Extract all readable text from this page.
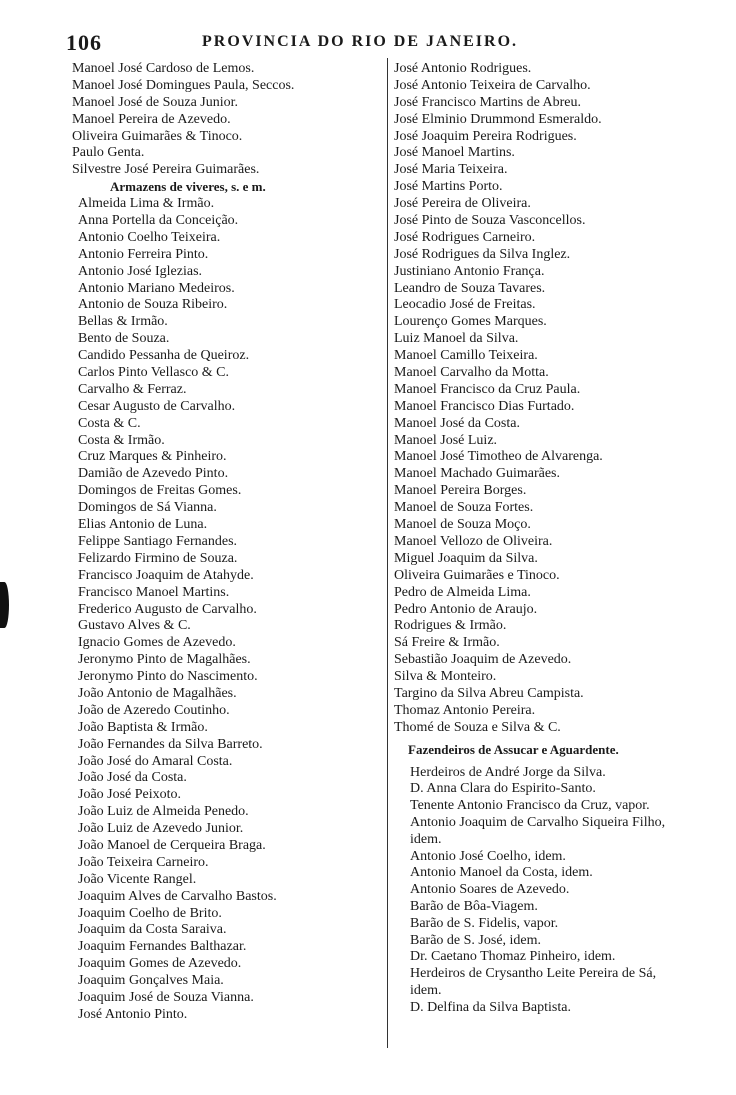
106	PROVINCIA DO RIO DE JANEIRO.
Manoel José Cardoso de Lemos.
Manoel José Domingues Paula, Seccos.
Manoel José de Souza Junior.
Manoel Pereira de Azevedo.
Oliveira Guimarães & Tinoco.
Paulo Genta.
Silvestre José Pereira Guimarães.
Armazens de viveres, s. e m.
Almeida Lima & Irmão.
Anna Portella da Conceição.
Antonio Coelho Teixeira.
Antonio Ferreira Pinto.
Antonio José Iglezias.
Antonio Mariano Medeiros.
Antonio de Souza Ribeiro.
Bellas & Irmão.
Bento de Souza.
Candido Pessanha de Queiroz.
Carlos Pinto Vellasco & C.
Carvalho & Ferraz.
Cesar Augusto de Carvalho.
Costa & C.
Costa & Irmão.
Cruz Marques & Pinheiro.
Damião de Azevedo Pinto.
Domingos de Freitas Gomes.
Domingos de Sá Vianna.
Elias Antonio de Luna.
Felippe Santiago Fernandes.
Felizardo Firmino de Souza.
Francisco Joaquim de Atahyde.
Francisco Manoel Martins.
Frederico Augusto de Carvalho.
Gustavo Alves & C.
Ignacio Gomes de Azevedo.
Jeronymo Pinto de Magalhães.
Jeronymo Pinto do Nascimento.
João Antonio de Magalhães.
João de Azeredo Coutinho.
João Baptista & Irmão.
João Fernandes da Silva Barreto.
João José do Amaral Costa.
João José da Costa.
João José Peixoto.
João Luiz de Almeida Penedo.
João Luiz de Azevedo Junior.
João Manoel de Cerqueira Braga.
João Teixeira Carneiro.
João Vicente Rangel.
Joaquim Alves de Carvalho Bastos.
Joaquim Coelho de Brito.
Joaquim da Costa Saraiva.
Joaquim Fernandes Balthazar.
Joaquim Gomes de Azevedo.
Joaquim Gonçalves Maia.
Joaquim José de Souza Vianna.
José Antonio Pinto.
José Antonio Rodrigues.
José Antonio Teixeira de Carvalho.
José Francisco Martins de Abreu.
José Elminio Drummond Esmeraldo.
José Joaquim Pereira Rodrigues.
José Manoel Martins.
José Maria Teixeira.
José Martins Porto.
José Pereira de Oliveira.
José Pinto de Souza Vasconcellos.
José Rodrigues Carneiro.
José Rodrigues da Silva Inglez.
Justiniano Antonio França.
Leandro de Souza Tavares.
Leocadio José de Freitas.
Lourenço Gomes Marques.
Luiz Manoel da Silva.
Manoel Camillo Teixeira.
Manoel Carvalho da Motta.
Manoel Francisco da Cruz Paula.
Manoel Francisco Dias Furtado.
Manoel José da Costa.
Manoel José Luiz.
Manoel José Timotheo de Alvarenga.
Manoel Machado Guimarães.
Manoel Pereira Borges.
Manoel de Souza Fortes.
Manoel de Souza Moço.
Manoel Vellozo de Oliveira.
Miguel Joaquim da Silva.
Oliveira Guimarães e Tinoco.
Pedro de Almeida Lima.
Pedro Antonio de Araujo.
Rodrigues & Irmão.
Sá Freire & Irmão.
Sebastião Joaquim de Azevedo.
Silva & Monteiro.
Targino da Silva Abreu Campista.
Thomaz Antonio Pereira.
Thomé de Souza e Silva & C.
Fazendeiros de Assucar e Aguardente.
Herdeiros de André Jorge da Silva.
D. Anna Clara do Espirito-Santo.
Tenente Antonio Francisco da Cruz, vapor.
Antonio Joaquim de Carvalho Siqueira Filho,
idem.
Antonio José Coelho, idem.
Antonio Manoel da Costa, idem.
Antonio Soares de Azevedo.
Barão de Bôa-Viagem.
Barão de S. Fidelis, vapor.
Barão de S. José, idem.
Dr. Caetano Thomaz Pinheiro, idem.
Herdeiros de Crysantho Leite Pereira de Sá,
idem.
D. Delfina da Silva Baptista.
